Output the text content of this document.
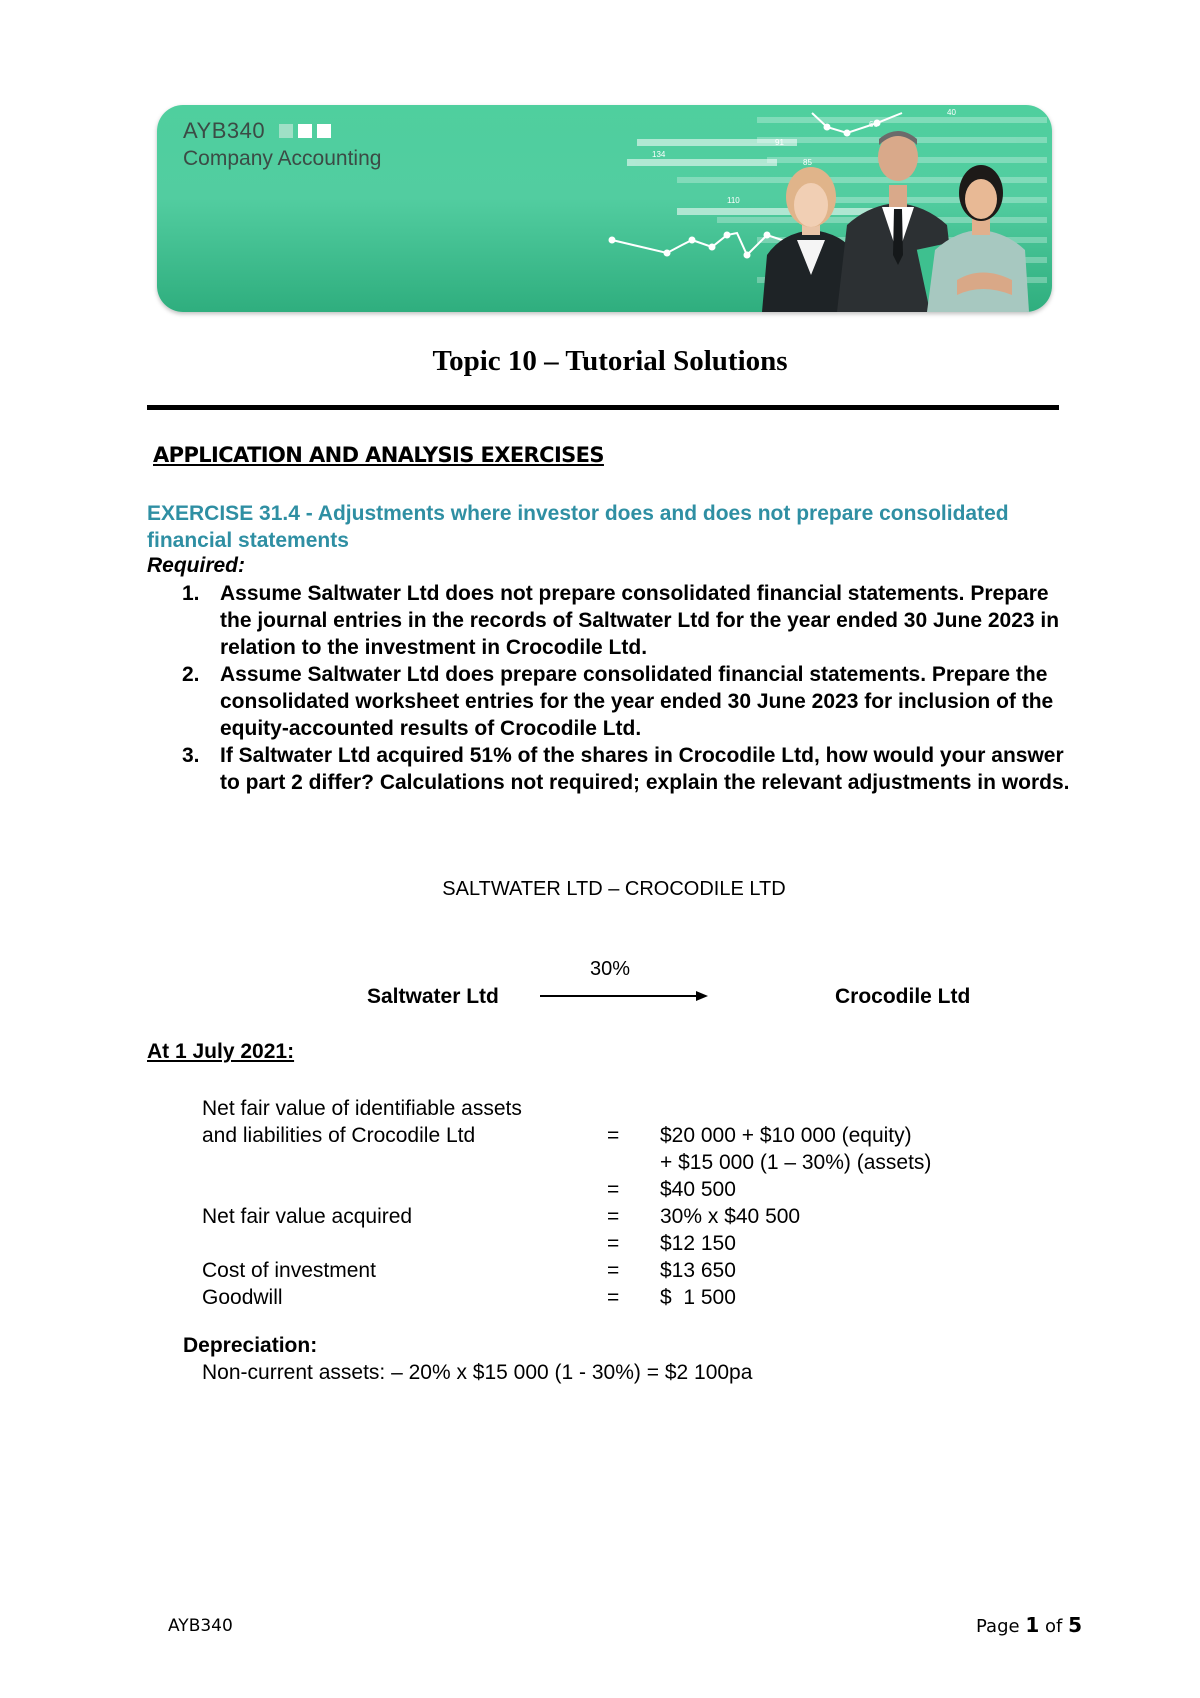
40
66
91
134
85
110
AYB340
Company Accounting
Topic 10 – Tutorial Solutions
APPLICATION AND ANALYSIS EXERCISES
EXERCISE 31.4 - Adjustments where investor does and does not prepare consolidated financial statements
Required:
1. Assume Saltwater Ltd does not prepare consolidated financial statements. Prepare the journal entries in the records of Saltwater Ltd for the year ended 30 June 2023 in relation to the investment in Crocodile Ltd.
2. Assume Saltwater Ltd does prepare consolidated financial statements. Prepare the consolidated worksheet entries for the year ended 30 June 2023 for inclusion of the equity-accounted results of Crocodile Ltd.
3. If Saltwater Ltd acquired 51% of the shares in Crocodile Ltd, how would your answer to part 2 differ? Calculations not required; explain the relevant adjustments in words.
SALTWATER LTD – CROCODILE LTD
30%
Saltwater Ltd	Crocodile Ltd
At 1 July 2021:
Net fair value of identifiable assets
and liabilities of Crocodile Ltd	= $20 000 + $10 000 (equity)
+ $15 000 (1 – 30%) (assets)
= $40 500
Net fair value acquired	= 30% x $40 500
= $12 150
Cost of investment	= $13 650
Goodwill	= $  1 500
Depreciation:
Non-current assets: – 20% x $15 000 (1 - 30%) = $2 100pa
AYB340	Page 1 of 5
